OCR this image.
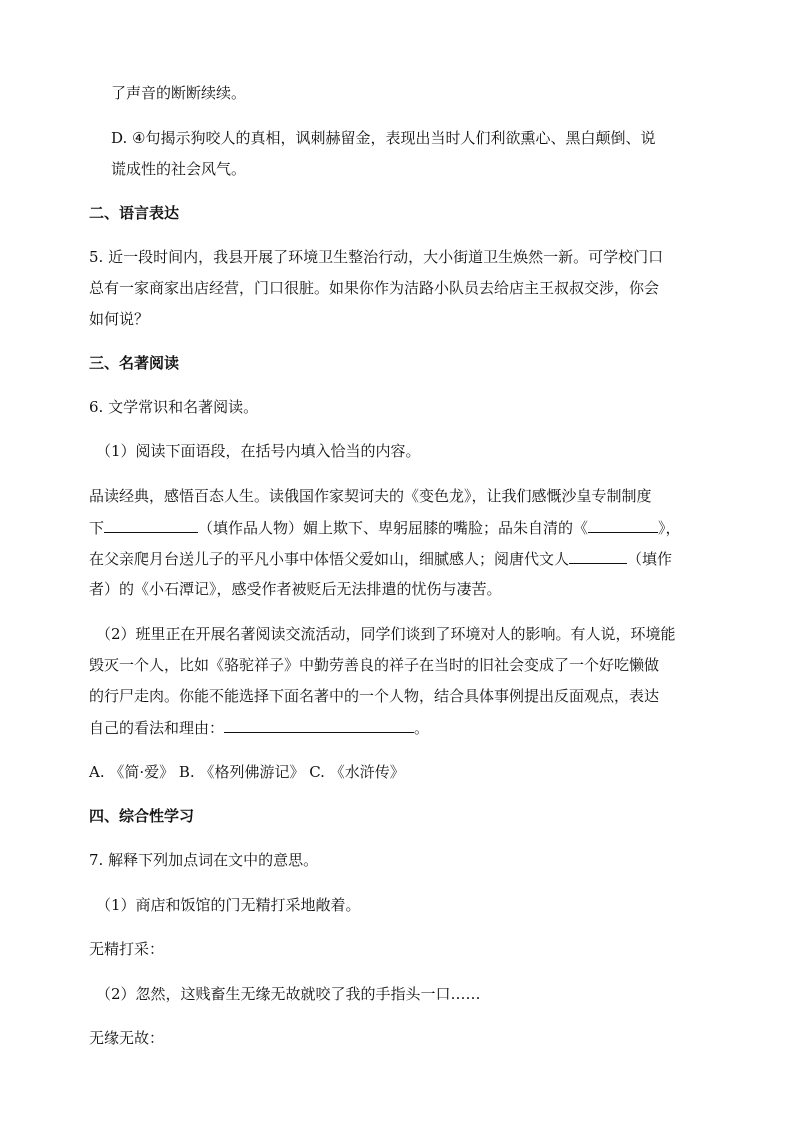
了声音的断断续续。
D. ④句揭示狗咬人的真相，讽刺赫留金，表现出当时人们利欲熏心、黑白颠倒、说
谎成性的社会风气。
二、语言表达
5. 近一段时间内，我县开展了环境卫生整治行动，大小街道卫生焕然一新。可学校门口
总有一家商家出店经营，门口很脏。如果你作为洁路小队员去给店主王叔叔交涉，你会
如何说？
三、名著阅读
6. 文学常识和名著阅读。
（1）阅读下面语段，在括号内填入恰当的内容。
品读经典，感悟百态人生。读俄国作家契诃夫的《变色龙》，让我们感慨沙皇专制制度
下	（填作品人物）媚上欺下、卑躬屈膝的嘴脸；品朱自清的《	》，
在父亲爬月台送儿子的平凡小事中体悟父爱如山，细腻感人；阅唐代文人	（填作
者）的《小石潭记》，感受作者被贬后无法排遣的忧伤与凄苦。
（2）班里正在开展名著阅读交流活动，同学们谈到了环境对人的影响。有人说，环境能
毁灭一个人，比如《骆驼祥子》中勤劳善良的祥子在当时的旧社会变成了一个好吃懒做
的行尸走肉。你能不能选择下面名著中的一个人物，结合具体事例提出反面观点，表达
自己的看法和理由：	。
A. 《简·爱》 B. 《格列佛游记》 C. 《水浒传》
四、综合性学习
7. 解释下列加点词在文中的意思。
（1）商店和饭馆的门无精打采地敞着。
无精打采：
（2）忽然，这贱畜生无缘无故就咬了我的手指头一口……
无缘无故：
